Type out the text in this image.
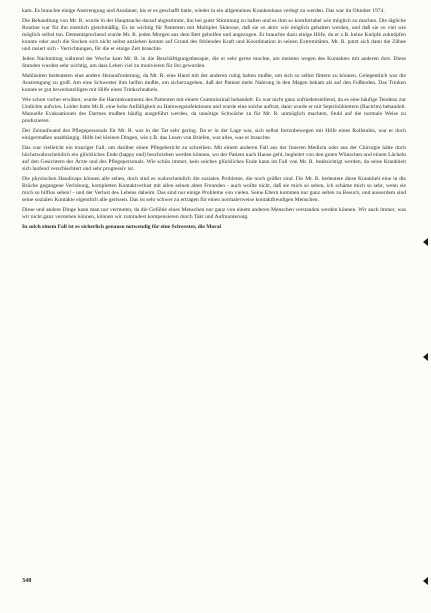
kam. Es brauchte einige Anstrengung und Ausdauer, bis er es geschafft hatte, wieder in ein allgemeines Krankenhaus verlegt zu werden. Das war im Oktober 1974.

Die Behandlung von Mr. R. wurde in der Hauptsache darauf abgestimmt, ihn bei guter Stimmung zu halten und es ihm so komfortabel wie möglich zu machen. Die tägliche Routine war für ihn ziemlich gleichmäßig. Es ist wichtig für Patienten mit Multipler Sklerose, daß sie so aktiv wie möglich gehalten werden, und daß sie so viel wie möglich selbst tun. Dementsprechend wurde Mr. R. jeden Morgen aus dem Bett geholfen und angezogen. Er brauchte dazu einige Hilfe, da er z.B. keine Knöpfe zuknöpfen konnte oder auch die Socken sich nicht selbst anziehen konnte auf Grund des fehlenden Kraft und Koordination in seinen Extremitäten. Mr. R. putzt sich dann die Zähne und rasiert sich - Verrichtungen, für die er einige Zeit brauchte.

Jeden Nachmittag während der Woche kam Mr. R. in die Beschäftigungstherapie, die er sehr gerne mochte, am meisten wegen des Kontaktes mit anderen dort. Diese Stunden wurden sehr wichtig, um dass Leben viel zu motivieren für ihn geworden.

Mahlzeiten bedeuteten eine andere Herausforderung, da Mr. R. eine Hand mit der anderen ruhig halten mußte, um sich so selbst füttern zu können. Gelegentlich war die Anstrengung zu groß. Am eine Schwester ihm helfen mußte, um sicherzugehen, daß der Patient mehr Nahrung in den Magen bekam als auf den Fußboden. Das Trinken konnte er gut bewerkstelligen mit Hilfe eines Trinkschnabels.

Wie schon vorher erwähnt, wurde die Harninkontinenz des Patienten mit einem Gummiurinal behandelt. Es war nicht ganz zufriedenstellend, da es eine häufige Tendenz zur Undichte aufwies. Leider hatte Mr.R. eine hohe Anfälligkeit zu Harnwegsinfektionen und wurde eine solche auftrat, dann wurde er mit Septrinüblettern (Bactrim) behandelt. Manuelle Evakuationen des Darmes mußten häufig ausgeführt werden, da unnötige Schwäche zu für Mr. R. unmöglich machten, Stuhl auf die normale Weise zu produzieren.

Der Zeitaufwand des Pflegepersonals für Mr. R. war in der Tat sehr gering. Da er in der Lage war, sich selbst fortzubewegen mit Hilfe eines Rollstuhls, war er doch einigermaßen unabhängig. Hilfe bei kleinen Dingen, wie z.B. das Lesen von Briefen, war alles, was er brauchte.

Das war vielleicht ein trauriger Fall, um darüber einen Pflegebericht zu schreiben. Mit einem anderen Fall aus der Inneren Medizin oder aus der Chirurgie hätte doch höchstwahrscheinlich ein glückliches Ende (happy end) beschrieben werden können, wo der Patient nach Hause geht, begleitet von den guten Wünschen und einem Lächeln auf den Gesichtern der Ärzte und des Pflegepersonals. Wie schön immer, kein solches glückliches Ende kann im Fall von Mr. R. beabsichtigt werden, da seine Krankheit sich laufend verschlechtert und sehr progressiv ist.

Die physischen Handicaps können alle sehen, doch sind es wahrscheinlich die sozialen Probleme, die noch größer sind. Für Mr. R. bedeutete diese Krankheit eine in die Brüche gegangene Verlobung, kompletten Kontaktverlust mit allen seinen alten Freunden - auch wollte nicht, daß sie mich so sehen, ich schäme mich so sehr, wenn sie mich so hilflos sehen! - und der Verlust des Lebens daheim. Das sind nur einige Probleme von vielen. Seine Eltern kommen nur ganz selten zu Besuch, und ausserdem sind seine sozialen Kontakte eigentlich alle gerissen. Das ist sehr schwer zu ertragen für einen normalerweise kontaktfreudigen Menschen.

Diese und andere Dinge kann man nur vermuten, da die Gefühle eines Menschen nur ganz von einem anderen Menschen verstanden werden können. Wir auch immer, was wir nicht ganz verstehen können, können wir zumindest kompensieren durch Takt und Aufmunterung.

In solch einem Fall ist es sicherlich genauso notwendig für eine Schwester, die Moral

348
